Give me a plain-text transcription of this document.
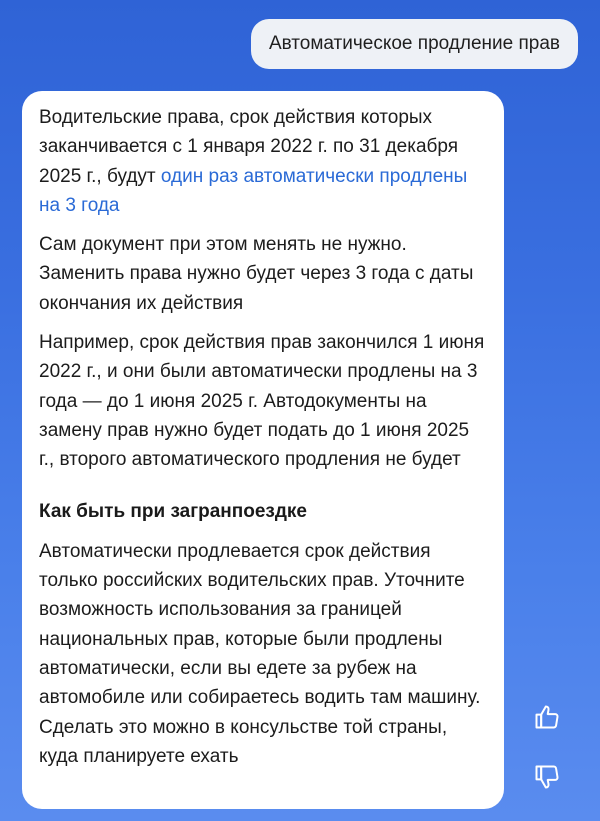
Автоматическое продление прав

Водительские права, срок действия которых заканчивается с 1 января 2022 г. по 31 декабря 2025 г., будут один раз автоматически продлены на 3 года

Сам документ при этом менять не нужно. Заменить права нужно будет через 3 года с даты окончания их действия

Например, срок действия прав закончился 1 июня 2022 г., и они были автоматически продлены на 3 года — до 1 июня 2025 г. Автодокументы на замену прав нужно будет подать до 1 июня 2025 г., второго автоматического продления не будет

Как быть при загранпоездке

Автоматически продлевается срок действия только российских водительских прав. Уточните возможность использования за границей национальных прав, которые были продлены автоматически, если вы едете за рубеж на автомобиле или собираетесь водить там машину. Сделать это можно в консульстве той страны, куда планируете ехать
